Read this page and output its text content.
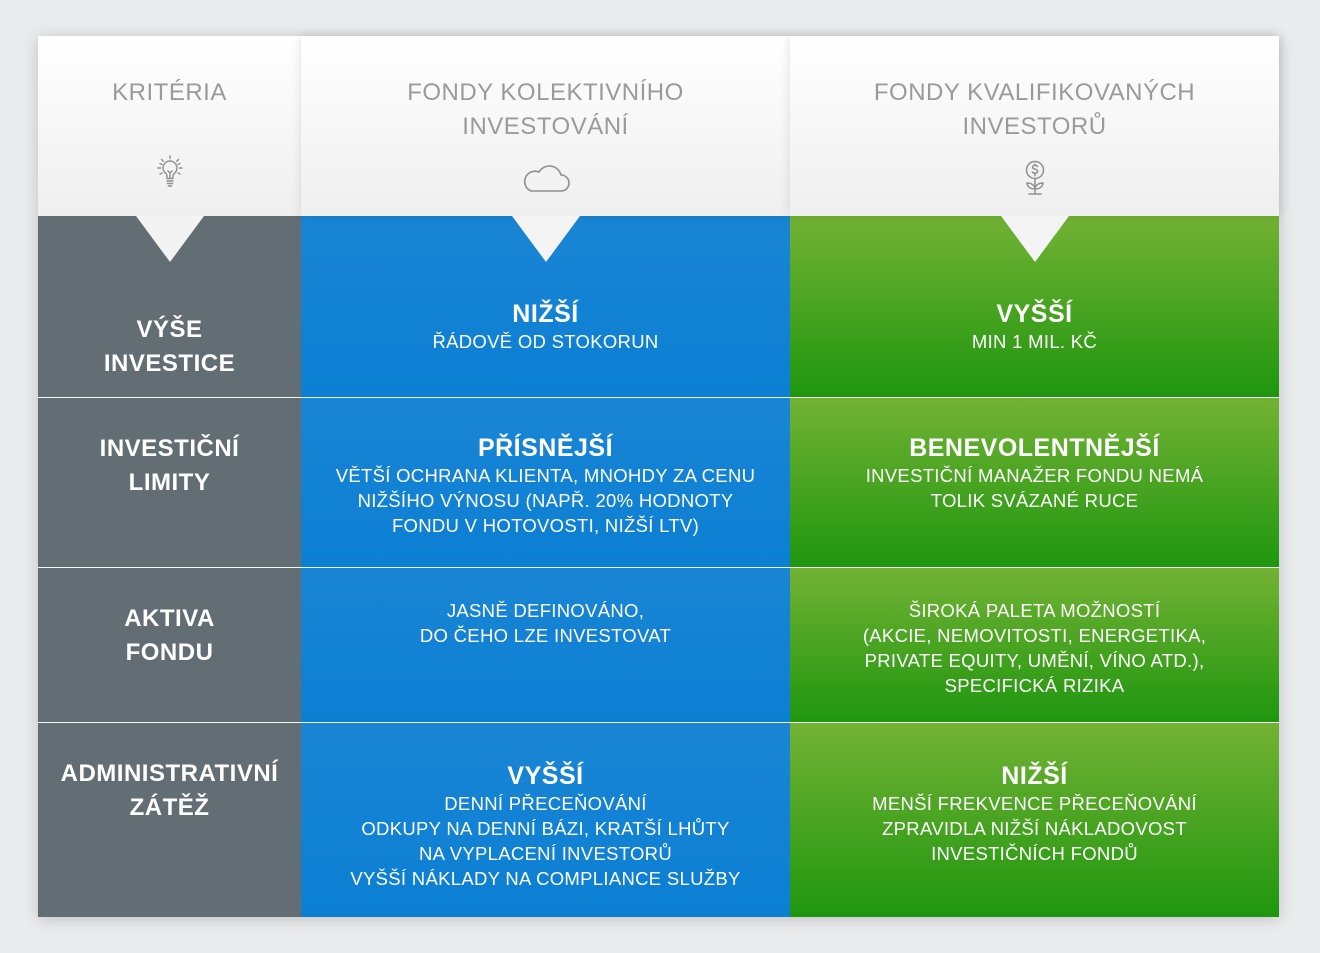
KRITÉRIA
VÝŠE
INVESTICE
INVESTIČNÍ
LIMITY
AKTIVA
FONDU
ADMINISTRATIVNÍ
ZÁTĚŽ
FONDY KOLEKTIVNÍHO
INVESTOVÁNÍ
NIŽŠÍ
ŘÁDOVĚ OD STOKORUN
PŘÍSNĚJŠÍ
VĚTŠÍ OCHRANA KLIENTA, MNOHDY ZA CENU
NIŽŠÍHO VÝNOSU (NAPŘ. 20% HODNOTY
FONDU V HOTOVOSTI, NIŽŠÍ LTV)
JASNĚ DEFINOVÁNO,
DO ČEHO LZE INVESTOVAT
VYŠŠÍ
DENNÍ PŘECEŇOVÁNÍ
ODKUPY NA DENNÍ BÁZI, KRATŠÍ LHŮTY
NA VYPLACENÍ INVESTORŮ
VYŠŠÍ NÁKLADY NA COMPLIANCE SLUŽBY
FONDY KVALIFIKOVANÝCH
INVESTORŮ
VYŠŠÍ
MIN 1 MIL. KČ
BENEVOLENTNĚJŠÍ
INVESTIČNÍ MANAŽER FONDU NEMÁ
TOLIK SVÁZANÉ RUCE
ŠIROKÁ PALETA MOŽNOSTÍ
(AKCIE, NEMOVITOSTI, ENERGETIKA,
PRIVATE EQUITY, UMĚNÍ, VÍNO ATD.),
SPECIFICKÁ RIZIKA
NIŽŠÍ
MENŠÍ FREKVENCE PŘECEŇOVÁNÍ
ZPRAVIDLA NIŽŠÍ NÁKLADOVOST
INVESTIČNÍCH FONDŮ
